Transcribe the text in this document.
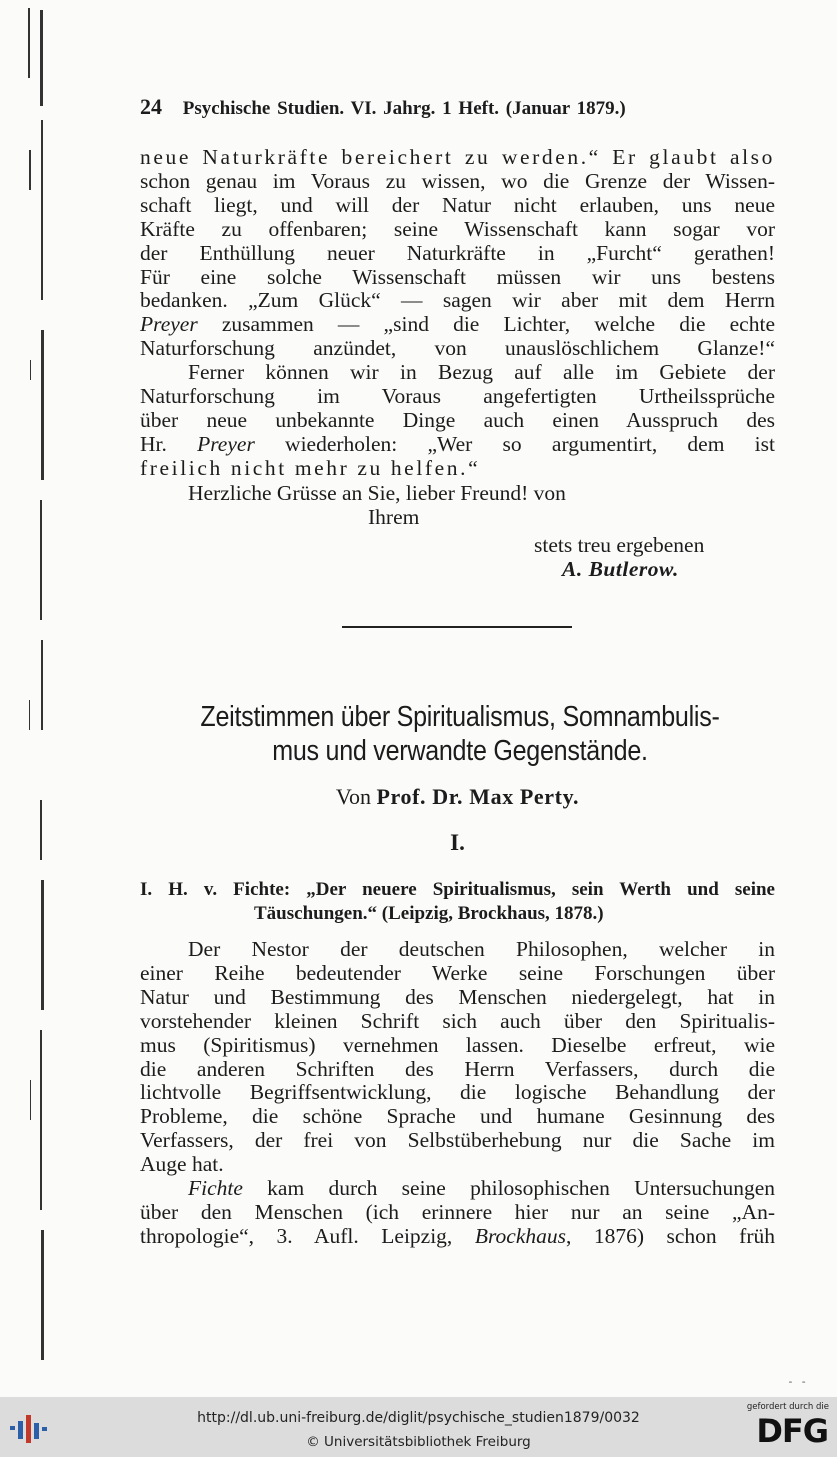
24 Psychische Studien. VI. Jahrg. 1 Heft. (Januar 1879.)
neue Naturkräfte bereichert zu werden.“ Er glaubt also
schon genau im Voraus zu wissen, wo die Grenze der Wissen-
schaft liegt, und will der Natur nicht erlauben, uns neue
Kräfte zu offenbaren; seine Wissenschaft kann sogar vor
der Enthüllung neuer Naturkräfte in „Furcht“ gerathen!
Für eine solche Wissenschaft müssen wir uns bestens
bedanken. „Zum Glück“ — sagen wir aber mit dem Herrn
Preyer zusammen — „sind die Lichter, welche die echte
Naturforschung anzündet, von unauslöschlichem Glanze!“
Ferner können wir in Bezug auf alle im Gebiete der
Naturforschung im Voraus angefertigten Urtheilssprüche
über neue unbekannte Dinge auch einen Ausspruch des
Hr. Preyer wiederholen: „Wer so argumentirt, dem ist
freilich nicht mehr zu helfen.“
Herzliche Grüsse an Sie, lieber Freund! von
Ihrem
stets treu ergebenen
A. Butlerow.
Zeitstimmen über Spiritualismus, Somnambulis-
mus und verwandte Gegenstände.
Von Prof. Dr. Max Perty.
I.
I. H. v. Fichte: „Der neuere Spiritualismus, sein Werth und seine
Täuschungen.“ (Leipzig, Brockhaus, 1878.)
Der Nestor der deutschen Philosophen, welcher in
einer Reihe bedeutender Werke seine Forschungen über
Natur und Bestimmung des Menschen niedergelegt, hat in
vorstehender kleinen Schrift sich auch über den Spiritualis-
mus (Spiritismus) vernehmen lassen. Dieselbe erfreut, wie
die anderen Schriften des Herrn Verfassers, durch die
lichtvolle Begriffsentwicklung, die logische Behandlung der
Probleme, die schöne Sprache und humane Gesinnung des
Verfassers, der frei von Selbstüberhebung nur die Sache im
Auge hat.
Fichte kam durch seine philosophischen Untersuchungen
über den Menschen (ich erinnere hier nur an seine „An-
thropologie“, 3. Aufl. Leipzig, Brockhaus, 1876) schon früh
- -
http://dl.ub.uni-freiburg.de/diglit/psychische_studien1879/0032
© Universitätsbibliothek Freiburg
gefordert durch die
DFG
